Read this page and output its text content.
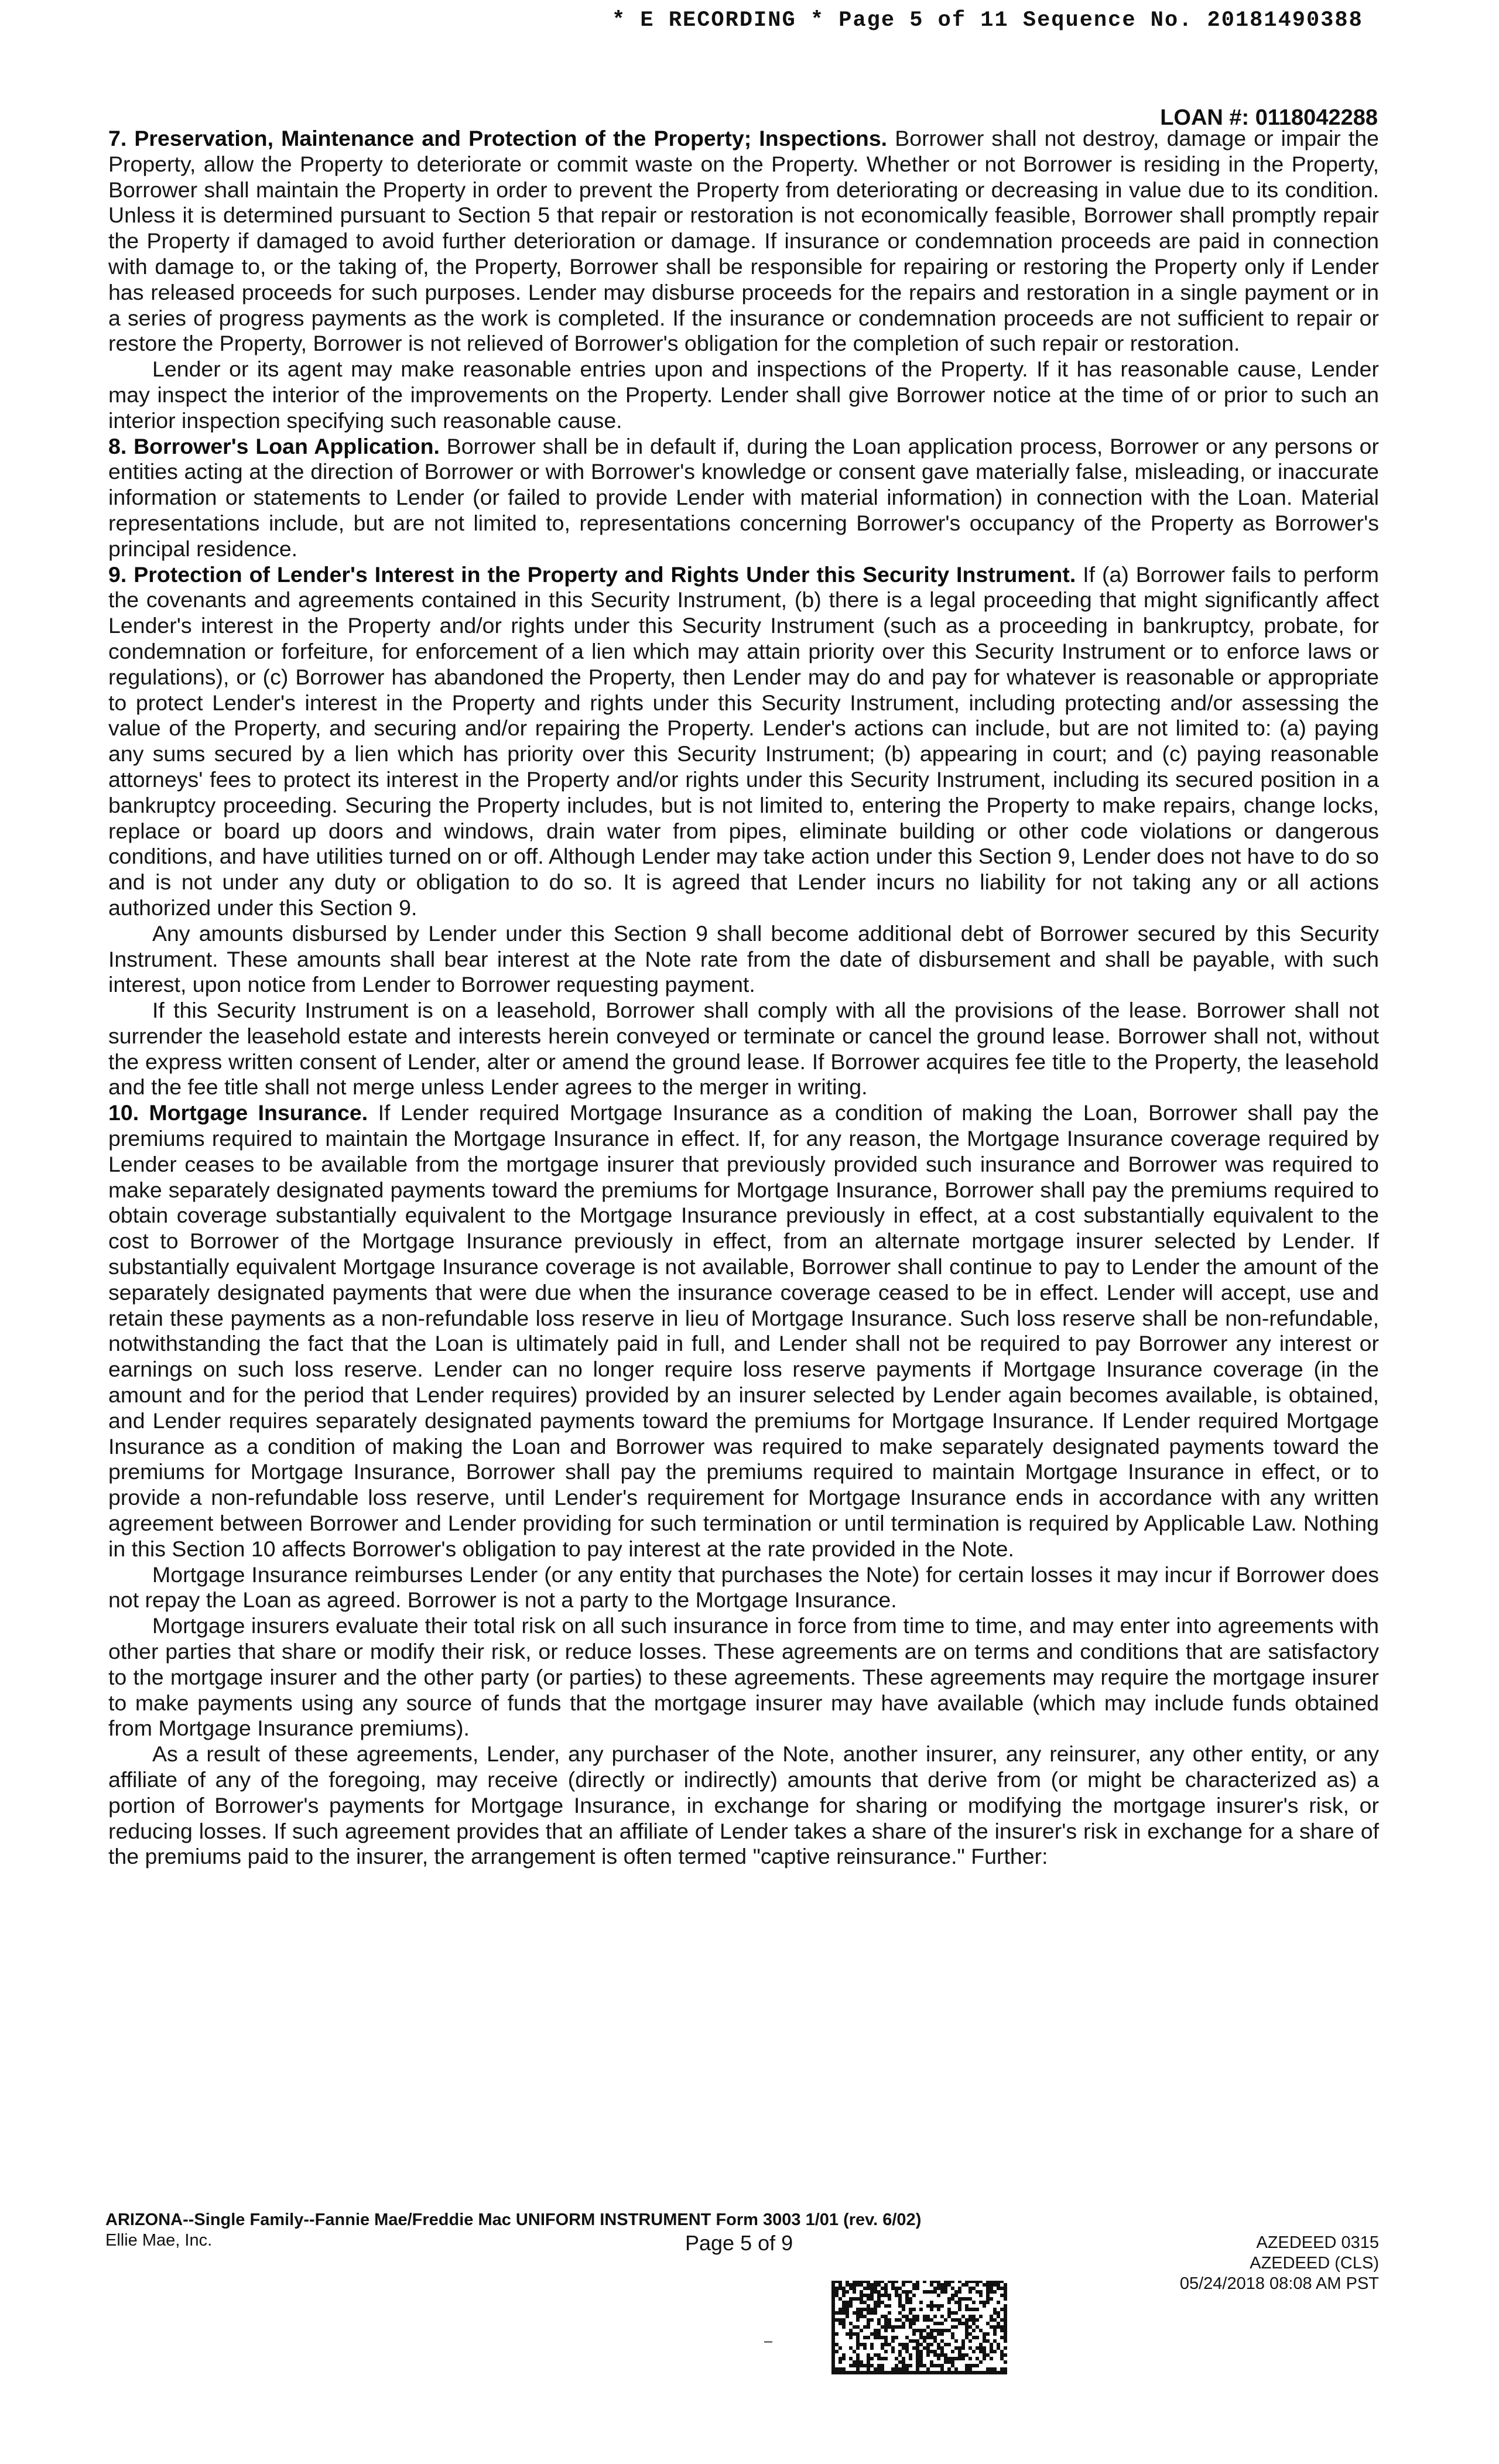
* E RECORDING * Page 5 of 11 Sequence No. 20181490388
LOAN #: 0118042288

7. Preservation, Maintenance and Protection of the Property; Inspections. Borrower shall not destroy, damage or impair the Property, allow the Property to deteriorate or commit waste on the Property. Whether or not Borrower is residing in the Property, Borrower shall maintain the Property in order to prevent the Property from deteriorating or decreasing in value due to its condition. Unless it is determined pursuant to Section 5 that repair or restoration is not economically feasible, Borrower shall promptly repair the Property if damaged to avoid further deterioration or damage. If insurance or condemnation proceeds are paid in connection with damage to, or the taking of, the Property, Borrower shall be responsible for repairing or restoring the Property only if Lender has released proceeds for such purposes. Lender may disburse proceeds for the repairs and restoration in a single payment or in a series of progress payments as the work is completed. If the insurance or condemnation proceeds are not sufficient to repair or restore the Property, Borrower is not relieved of Borrower's obligation for the completion of such repair or restoration.

Lender or its agent may make reasonable entries upon and inspections of the Property. If it has reasonable cause, Lender may inspect the interior of the improvements on the Property. Lender shall give Borrower notice at the time of or prior to such an interior inspection specifying such reasonable cause.

8. Borrower's Loan Application. Borrower shall be in default if, during the Loan application process, Borrower or any persons or entities acting at the direction of Borrower or with Borrower's knowledge or consent gave materially false, misleading, or inaccurate information or statements to Lender (or failed to provide Lender with material information) in connection with the Loan. Material representations include, but are not limited to, representations concerning Borrower's occupancy of the Property as Borrower's principal residence.

9. Protection of Lender's Interest in the Property and Rights Under this Security Instrument. If (a) Borrower fails to perform the covenants and agreements contained in this Security Instrument, (b) there is a legal proceeding that might significantly affect Lender's interest in the Property and/or rights under this Security Instrument (such as a proceeding in bankruptcy, probate, for condemnation or forfeiture, for enforcement of a lien which may attain priority over this Security Instrument or to enforce laws or regulations), or (c) Borrower has abandoned the Property, then Lender may do and pay for whatever is reasonable or appropriate to protect Lender's interest in the Property and rights under this Security Instrument, including protecting and/or assessing the value of the Property, and securing and/or repairing the Property. Lender's actions can include, but are not limited to: (a) paying any sums secured by a lien which has priority over this Security Instrument; (b) appearing in court; and (c) paying reasonable attorneys' fees to protect its interest in the Property and/or rights under this Security Instrument, including its secured position in a bankruptcy proceeding. Securing the Property includes, but is not limited to, entering the Property to make repairs, change locks, replace or board up doors and windows, drain water from pipes, eliminate building or other code violations or dangerous conditions, and have utilities turned on or off. Although Lender may take action under this Section 9, Lender does not have to do so and is not under any duty or obligation to do so. It is agreed that Lender incurs no liability for not taking any or all actions authorized under this Section 9.

Any amounts disbursed by Lender under this Section 9 shall become additional debt of Borrower secured by this Security Instrument. These amounts shall bear interest at the Note rate from the date of disbursement and shall be payable, with such interest, upon notice from Lender to Borrower requesting payment.

If this Security Instrument is on a leasehold, Borrower shall comply with all the provisions of the lease. Borrower shall not surrender the leasehold estate and interests herein conveyed or terminate or cancel the ground lease. Borrower shall not, without the express written consent of Lender, alter or amend the ground lease. If Borrower acquires fee title to the Property, the leasehold and the fee title shall not merge unless Lender agrees to the merger in writing.

10. Mortgage Insurance. If Lender required Mortgage Insurance as a condition of making the Loan, Borrower shall pay the premiums required to maintain the Mortgage Insurance in effect. If, for any reason, the Mortgage Insurance coverage required by Lender ceases to be available from the mortgage insurer that previously provided such insurance and Borrower was required to make separately designated payments toward the premiums for Mortgage Insurance, Borrower shall pay the premiums required to obtain coverage substantially equivalent to the Mortgage Insurance previously in effect, at a cost substantially equivalent to the cost to Borrower of the Mortgage Insurance previously in effect, from an alternate mortgage insurer selected by Lender. If substantially equivalent Mortgage Insurance coverage is not available, Borrower shall continue to pay to Lender the amount of the separately designated payments that were due when the insurance coverage ceased to be in effect. Lender will accept, use and retain these payments as a non-refundable loss reserve in lieu of Mortgage Insurance. Such loss reserve shall be non-refundable, notwithstanding the fact that the Loan is ultimately paid in full, and Lender shall not be required to pay Borrower any interest or earnings on such loss reserve. Lender can no longer require loss reserve payments if Mortgage Insurance coverage (in the amount and for the period that Lender requires) provided by an insurer selected by Lender again becomes available, is obtained, and Lender requires separately designated payments toward the premiums for Mortgage Insurance. If Lender required Mortgage Insurance as a condition of making the Loan and Borrower was required to make separately designated payments toward the premiums for Mortgage Insurance, Borrower shall pay the premiums required to maintain Mortgage Insurance in effect, or to provide a non-refundable loss reserve, until Lender's requirement for Mortgage Insurance ends in accordance with any written agreement between Borrower and Lender providing for such termination or until termination is required by Applicable Law. Nothing in this Section 10 affects Borrower's obligation to pay interest at the rate provided in the Note.

Mortgage Insurance reimburses Lender (or any entity that purchases the Note) for certain losses it may incur if Borrower does not repay the Loan as agreed. Borrower is not a party to the Mortgage Insurance.

Mortgage insurers evaluate their total risk on all such insurance in force from time to time, and may enter into agreements with other parties that share or modify their risk, or reduce losses. These agreements are on terms and conditions that are satisfactory to the mortgage insurer and the other party (or parties) to these agreements. These agreements may require the mortgage insurer to make payments using any source of funds that the mortgage insurer may have available (which may include funds obtained from Mortgage Insurance premiums).

As a result of these agreements, Lender, any purchaser of the Note, another insurer, any reinsurer, any other entity, or any affiliate of any of the foregoing, may receive (directly or indirectly) amounts that derive from (or might be characterized as) a portion of Borrower's payments for Mortgage Insurance, in exchange for sharing or modifying the mortgage insurer's risk, or reducing losses. If such agreement provides that an affiliate of Lender takes a share of the insurer's risk in exchange for a share of the premiums paid to the insurer, the arrangement is often termed "captive reinsurance." Further:

ARIZONA--Single Family--Fannie Mae/Freddie Mac UNIFORM INSTRUMENT Form 3003 1/01 (rev. 6/02)
Ellie Mae, Inc.	Page 5 of 9	AZEDEED 0315
AZEDEED (CLS)
05/24/2018 08:08 AM PST
